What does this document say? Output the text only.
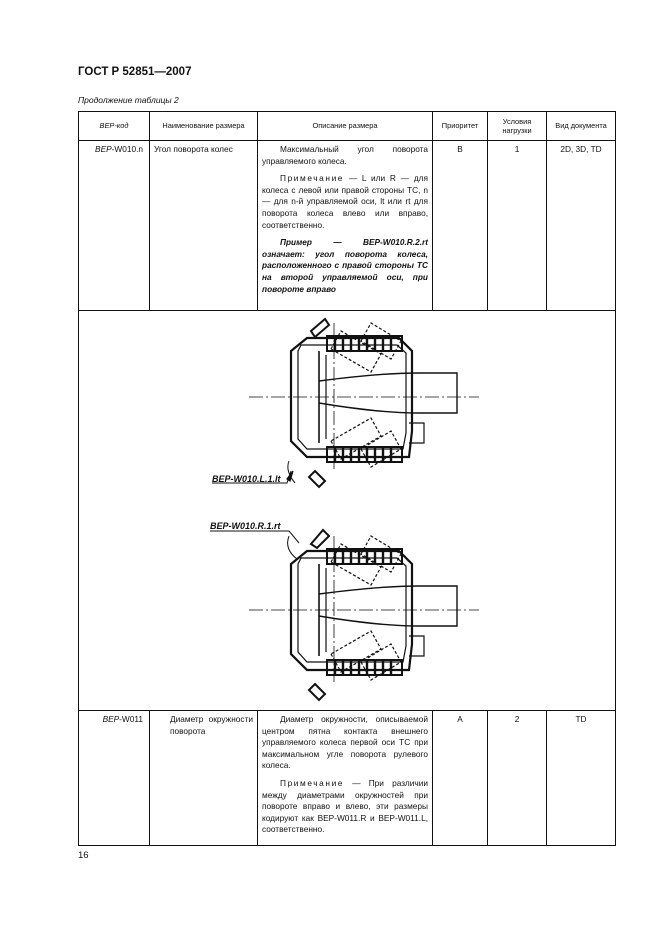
ГОСТ Р 52851—2007
Продолжение таблицы 2
ВЕР-код	Наименование размера	Описание размера	Приоритет	Условия нагрузки	Вид документа
ВЕР-W010.n	Угол поворота колес	Максимальный угол поворота управляемого колеса.

Примечание — L или R — для колеса с левой или правой стороны ТС, n — для n-й управляемой оси, lt или rt для поворота колеса влево или вправо, соответственно.

Пример — ВЕР-W010.R.2.rt означает: угол поворота колеса, расположенного с правой стороны ТС на второй управляемой оси, при повороте вправо	В	1	2D, 3D, TD

ВЕР-W010.L.1.lt
ВЕР-W010.R.1.rt					

ВЕР-W011	Диаметр окружности поворота	Диаметр окружности, описываемой центром пятна контакта внешнего управляемого колеса первой оси ТС при максимальном угле поворота рулевого колеса.

Примечание — При различии между диаметрами окружностей при повороте вправо и влево, эти размеры кодируют как ВЕР-W011.R и ВЕР-W011.L, соответственно.	А	2	TD
16
